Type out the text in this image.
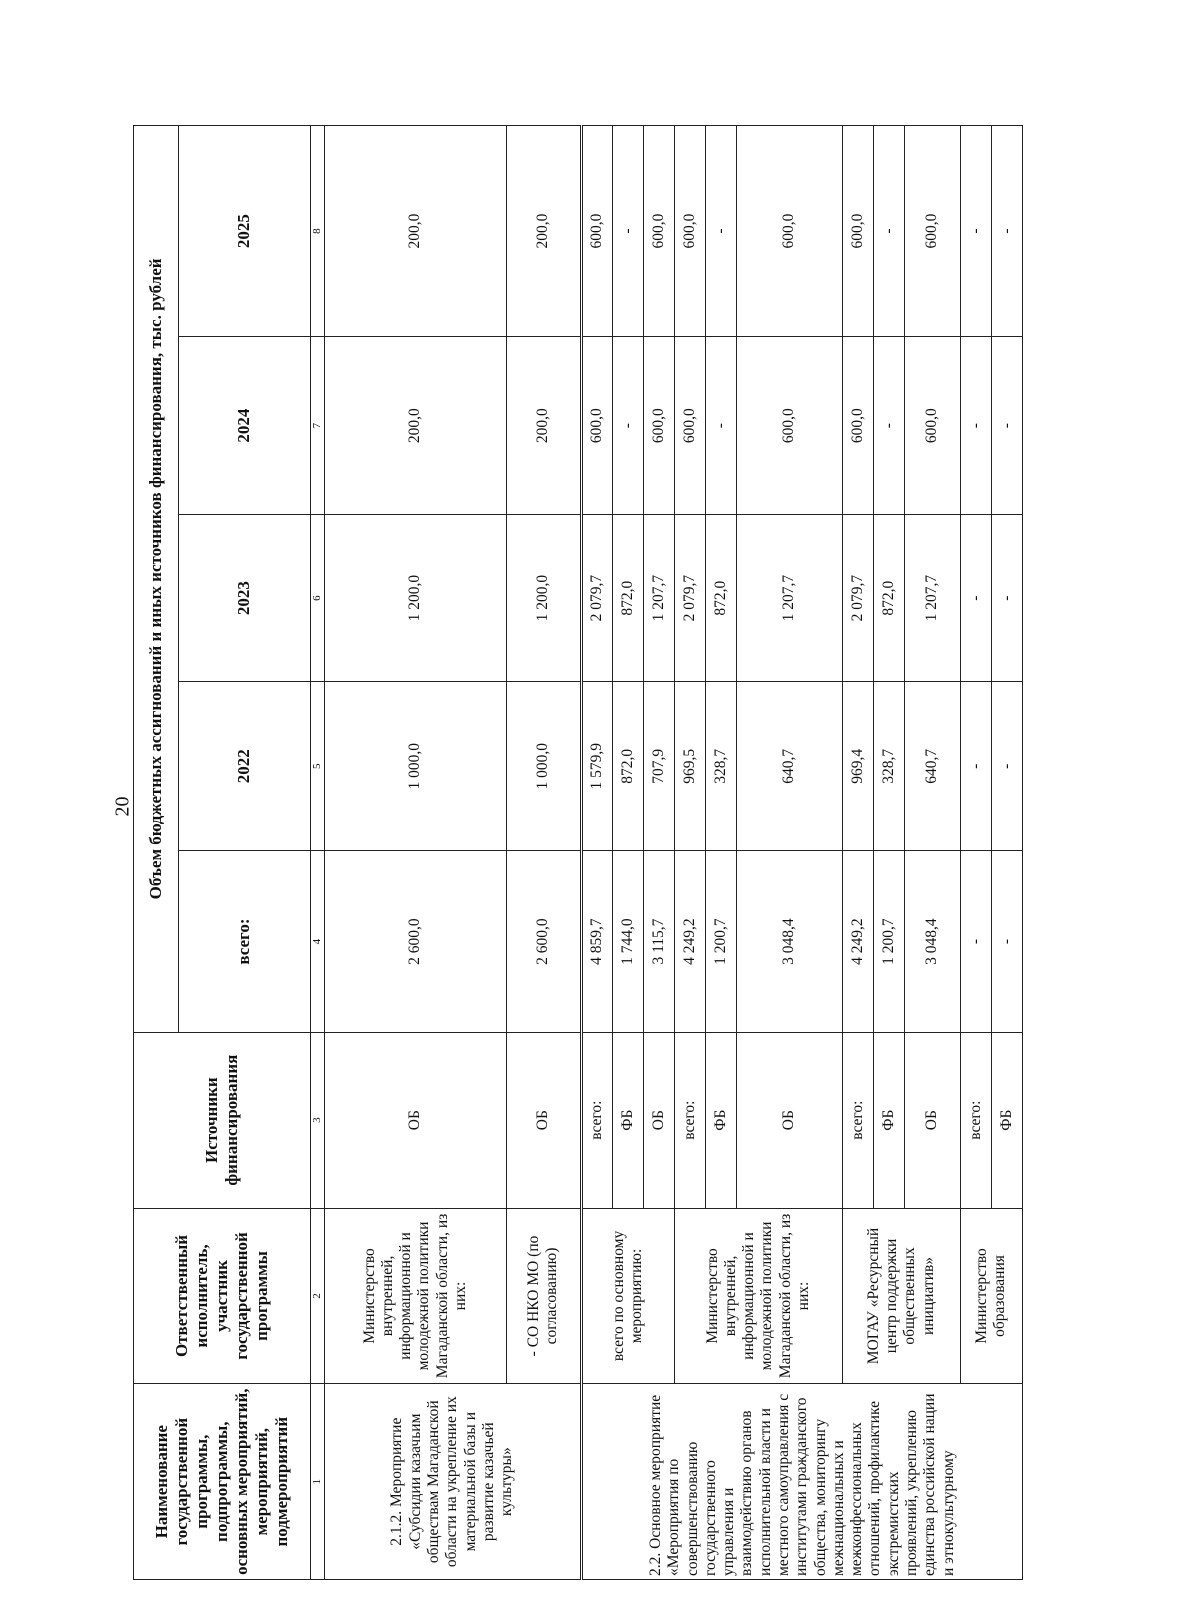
20
Наименование государственной программы, подпрограммы, основных мероприятий, мероприятий, подмероприятий	Ответственный исполнитель, участник государственной программы	Источники финансирования	Объем бюджетных ассигнований и иных источников финансирования, тыс. рублей				
			всего:	2022	2023	2024	2025
1	2	3	4	5	6	7	8
2.1.2. Мероприятие «Субсидии казачьим обществам Магаданской области на укрепление их материальной базы и развитие казачьей культуры»	Министерство внутренней, информационной и молодежной политики Магаданской области, из них:	ОБ	2 600,0	1 000,0	1 200,0	200,0	200,0
	- СО НКО МО (по согласованию)	ОБ	2 600,0	1 000,0	1 200,0	200,0	200,0
2.2. Основное мероприятие «Мероприятия по совершенствованию государственного управления и взаимодействию органов исполнительной власти и местного самоуправления с институтами гражданского общества, мониторингу межнациональных и межконфессиональных отношений, профилактике экстремистских проявлений, укреплению единства российской нации и этнокультурному	всего по основному мероприятию:	всего:	4 859,7	1 579,9	2 079,7	600,0	600,0
		ФБ	1 744,0	872,0	872,0	-	-
		ОБ	3 115,7	707,9	1 207,7	600,0	600,0
	Министерство внутренней, информационной и молодежной политики Магаданской области, из них:	всего:	4 249,2	969,5	2 079,7	600,0	600,0
		ФБ	1 200,7	328,7	872,0	-	-
		ОБ	3 048,4	640,7	1 207,7	600,0	600,0
	МОГАУ «Ресурсный центр поддержки общественных инициатив»	всего:	4 249,2	969,4	2 079,7	600,0	600,0
		ФБ	1 200,7	328,7	872,0	-	-
		ОБ	3 048,4	640,7	1 207,7	600,0	600,0
	Министерство образования	всего:	-	-	-	-	-
		ФБ	-	-	-	-	-
